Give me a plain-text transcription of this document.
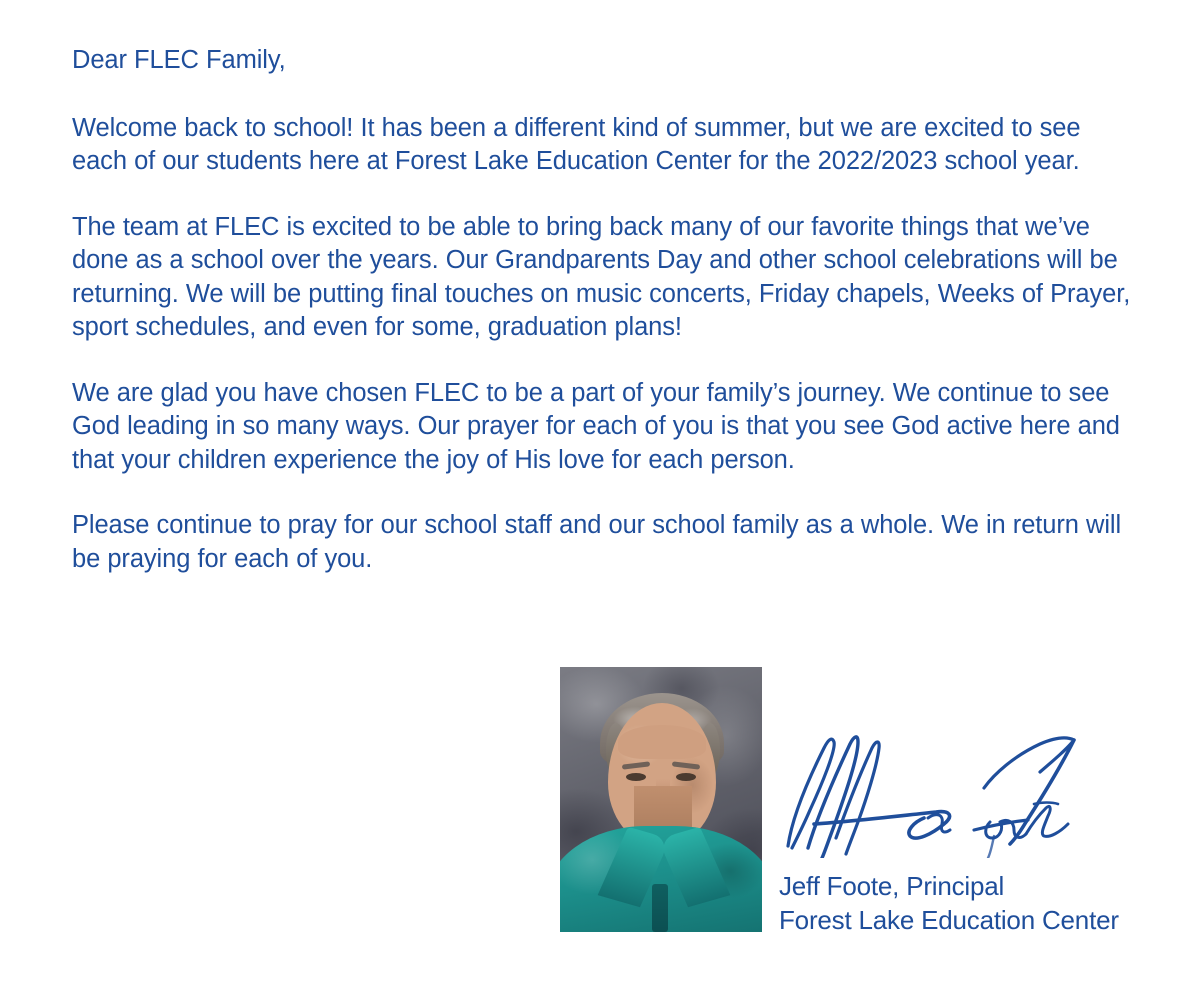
Dear FLEC Family,

Welcome back to school! It has been a different kind of summer, but we are excited to see each of our students here at Forest Lake Education Center for the 2022/2023 school year.

The team at FLEC is excited to be able to bring back many of our favorite things that we’ve done as a school over the years. Our Grandparents Day and other school celebrations will be returning. We will be putting final touches on music concerts, Friday chapels, Weeks of Prayer, sport schedules, and even for some, graduation plans!

We are glad you have chosen FLEC to be a part of your family’s journey. We continue to see God leading in so many ways. Our prayer for each of you is that you see God active here and that your children experience the joy of His love for each person.

Please continue to pray for our school staff and our school family as a whole. We in return will be praying for each of you.

Jeff Foote, Principal
Forest Lake Education Center
